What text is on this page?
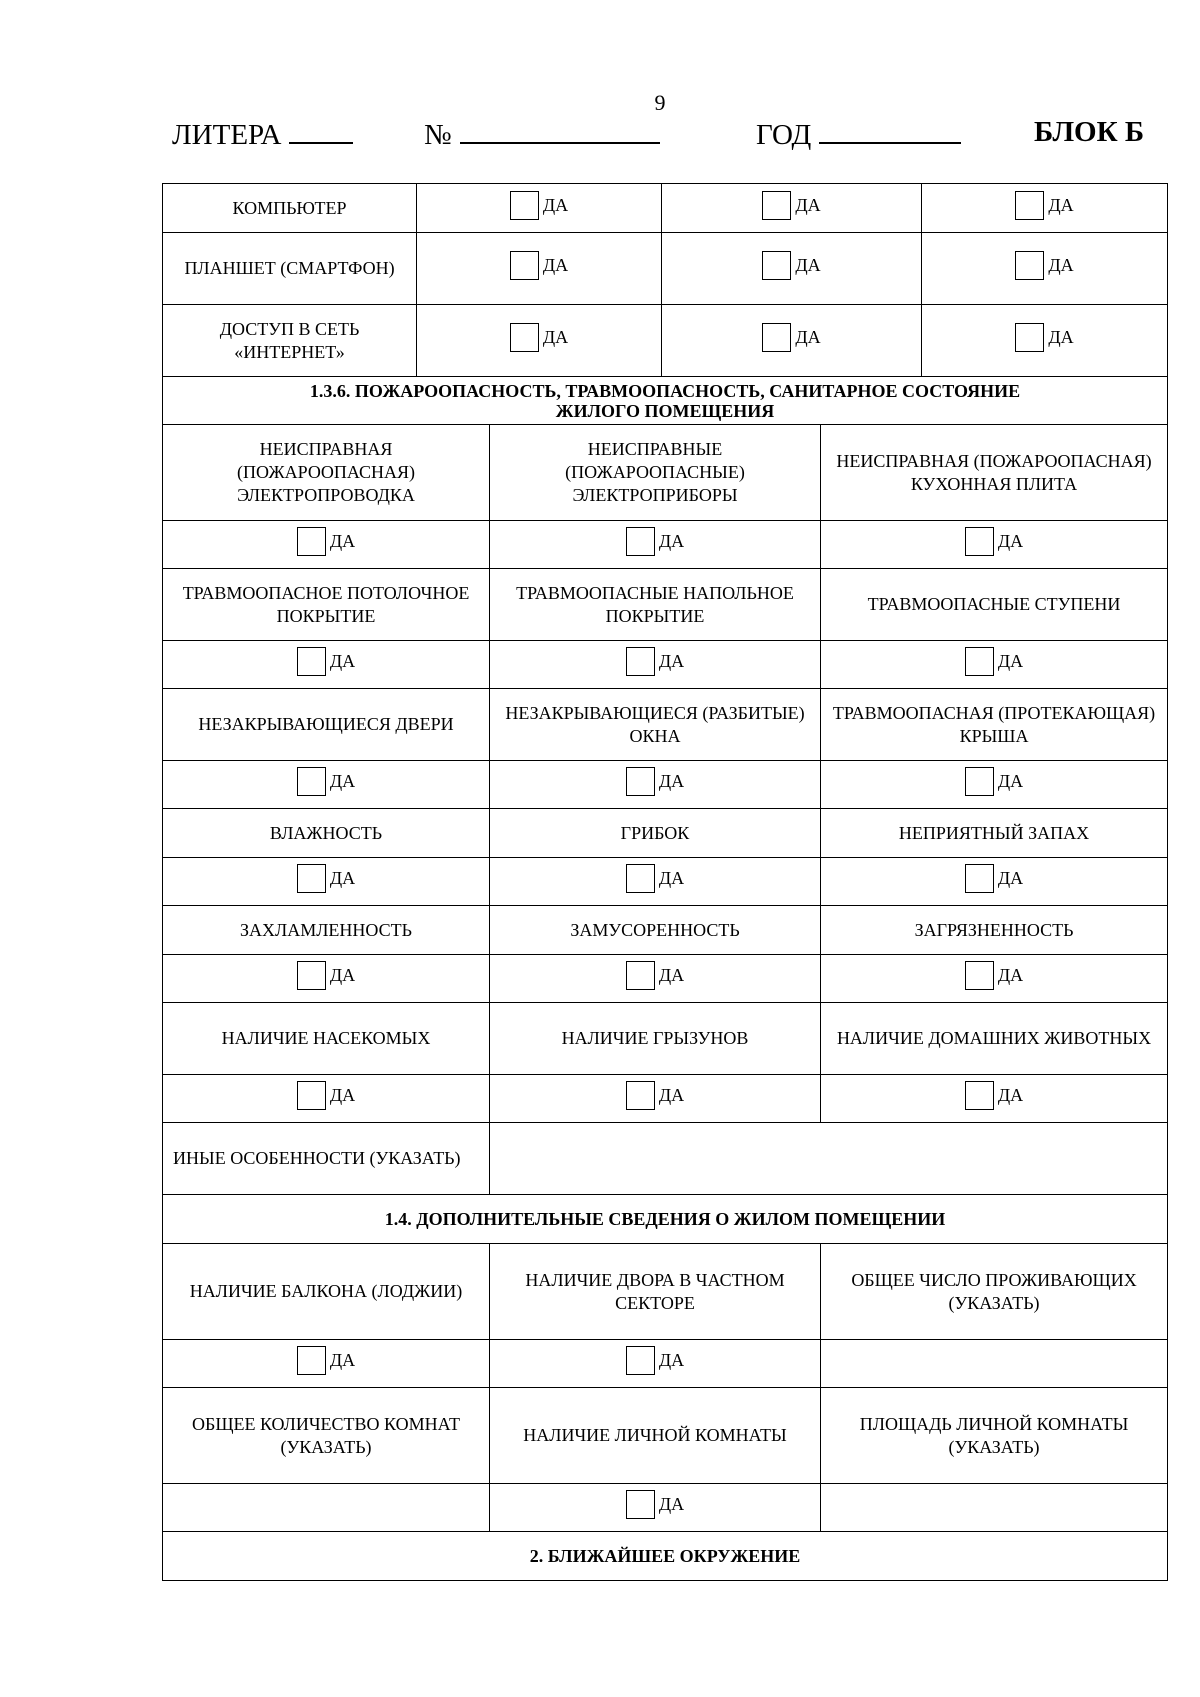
9
ЛИТЕРА	№	ГОД	БЛОК Б
КОМПЬЮТЕР	ДА	ДА	ДА

ПЛАНШЕТ (СМАРТФОН)	ДА	ДА	ДА

ДОСТУП В СЕТЬ «ИНТЕРНЕТ»	ДА	ДА	ДА
1.3.6. ПОЖАРООПАСНОСТЬ, ТРАВМООПАСНОСТЬ, САНИТАРНОЕ СОСТОЯНИЕ
ЖИЛОГО ПОМЕЩЕНИЯ		

НЕИСПРАВНАЯ (ПОЖАРООПАСНАЯ) ЭЛЕКТРОПРОВОДКА	НЕИСПРАВНЫЕ (ПОЖАРООПАСНЫЕ) ЭЛЕКТРОПРИБОРЫ	НЕИСПРАВНАЯ (ПОЖАРООПАСНАЯ) КУХОННАЯ ПЛИТА

ДА	ДА	ДА

ТРАВМООПАСНОЕ ПОТОЛОЧНОЕ ПОКРЫТИЕ	ТРАВМООПАСНЫЕ НАПОЛЬНОЕ ПОКРЫТИЕ	ТРАВМООПАСНЫЕ СТУПЕНИ

ДА	ДА	ДА

НЕЗАКРЫВАЮЩИЕСЯ ДВЕРИ	НЕЗАКРЫВАЮЩИЕСЯ (РАЗБИТЫЕ) ОКНА	ТРАВМООПАСНАЯ (ПРОТЕКАЮЩАЯ) КРЫША

ДА	ДА	ДА

ВЛАЖНОСТЬ	ГРИБОК	НЕПРИЯТНЫЙ ЗАПАХ

ДА	ДА	ДА

ЗАХЛАМЛЕННОСТЬ	ЗАМУСОРЕННОСТЬ	ЗАГРЯЗНЕННОСТЬ

ДА	ДА	ДА

НАЛИЧИЕ НАСЕКОМЫХ	НАЛИЧИЕ ГРЫЗУНОВ	НАЛИЧИЕ ДОМАШНИХ ЖИВОТНЫХ

ДА	ДА	ДА

ИНЫЕ ОСОБЕННОСТИ (УКАЗАТЬ)		
1.4. ДОПОЛНИТЕЛЬНЫЕ СВЕДЕНИЯ О ЖИЛОМ ПОМЕЩЕНИИ		
НАЛИЧИЕ БАЛКОНА (ЛОДЖИИ)	НАЛИЧИЕ ДВОРА В ЧАСТНОМ СЕКТОРЕ	ОБЩЕЕ ЧИСЛО ПРОЖИВАЮЩИХ (УКАЗАТЬ)

ДА	ДА	

ОБЩЕЕ КОЛИЧЕСТВО КОМНАТ (УКАЗАТЬ)	НАЛИЧИЕ ЛИЧНОЙ КОМНАТЫ	ПЛОЩАДЬ ЛИЧНОЙ КОМНАТЫ (УКАЗАТЬ)

	ДА	

2. БЛИЖАЙШЕЕ ОКРУЖЕНИЕ		
